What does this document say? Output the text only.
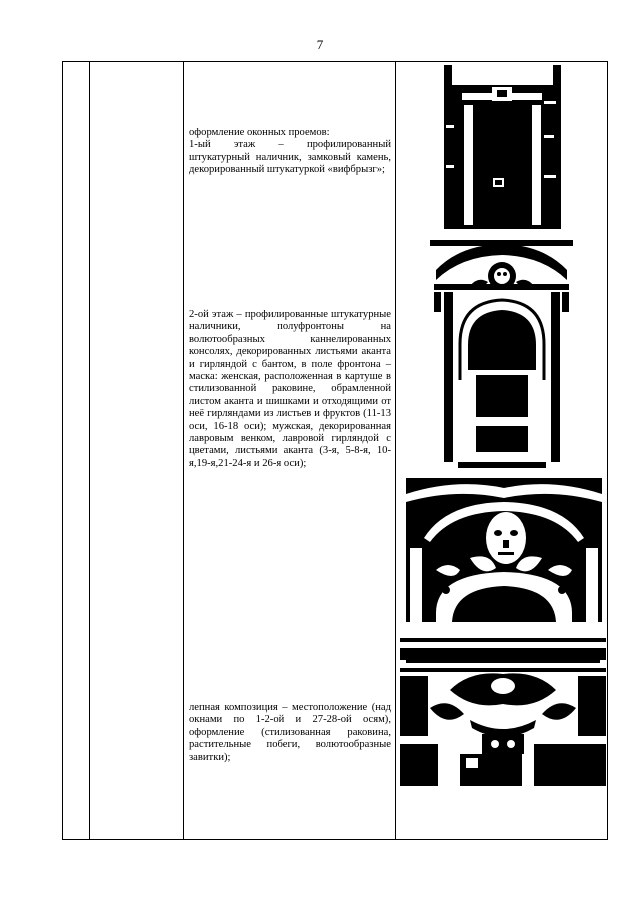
7

оформление оконных проемов:
1-ый этаж – профилированный штукатурный наличник, замковый камень, декорированный штукатуркой «вифбрызг»;

2-ой этаж – профилированные штукатурные наличники, полуфронтоны на волютообразных каннелированных консолях, декорированных листьями аканта и гирляндой с бантом, в поле фронтона – маска: женская, расположенная в картуше в стилизованной раковине, обрамленной листом аканта и шишками и отходящими от неё гирляндами из листьев и фруктов (11-13 оси, 16-18 оси); мужская, декорированная лавровым венком, лавровой гирляндой с цветами, листьями аканта (3-я, 5-8-я, 10-я,19-я,21-24-я и 26-я оси);

лепная композиция – местоположение (над окнами по 1-2-ой и 27-28-ой осям), оформление (стилизованная раковина, растительные побеги, волютообразные завитки);
